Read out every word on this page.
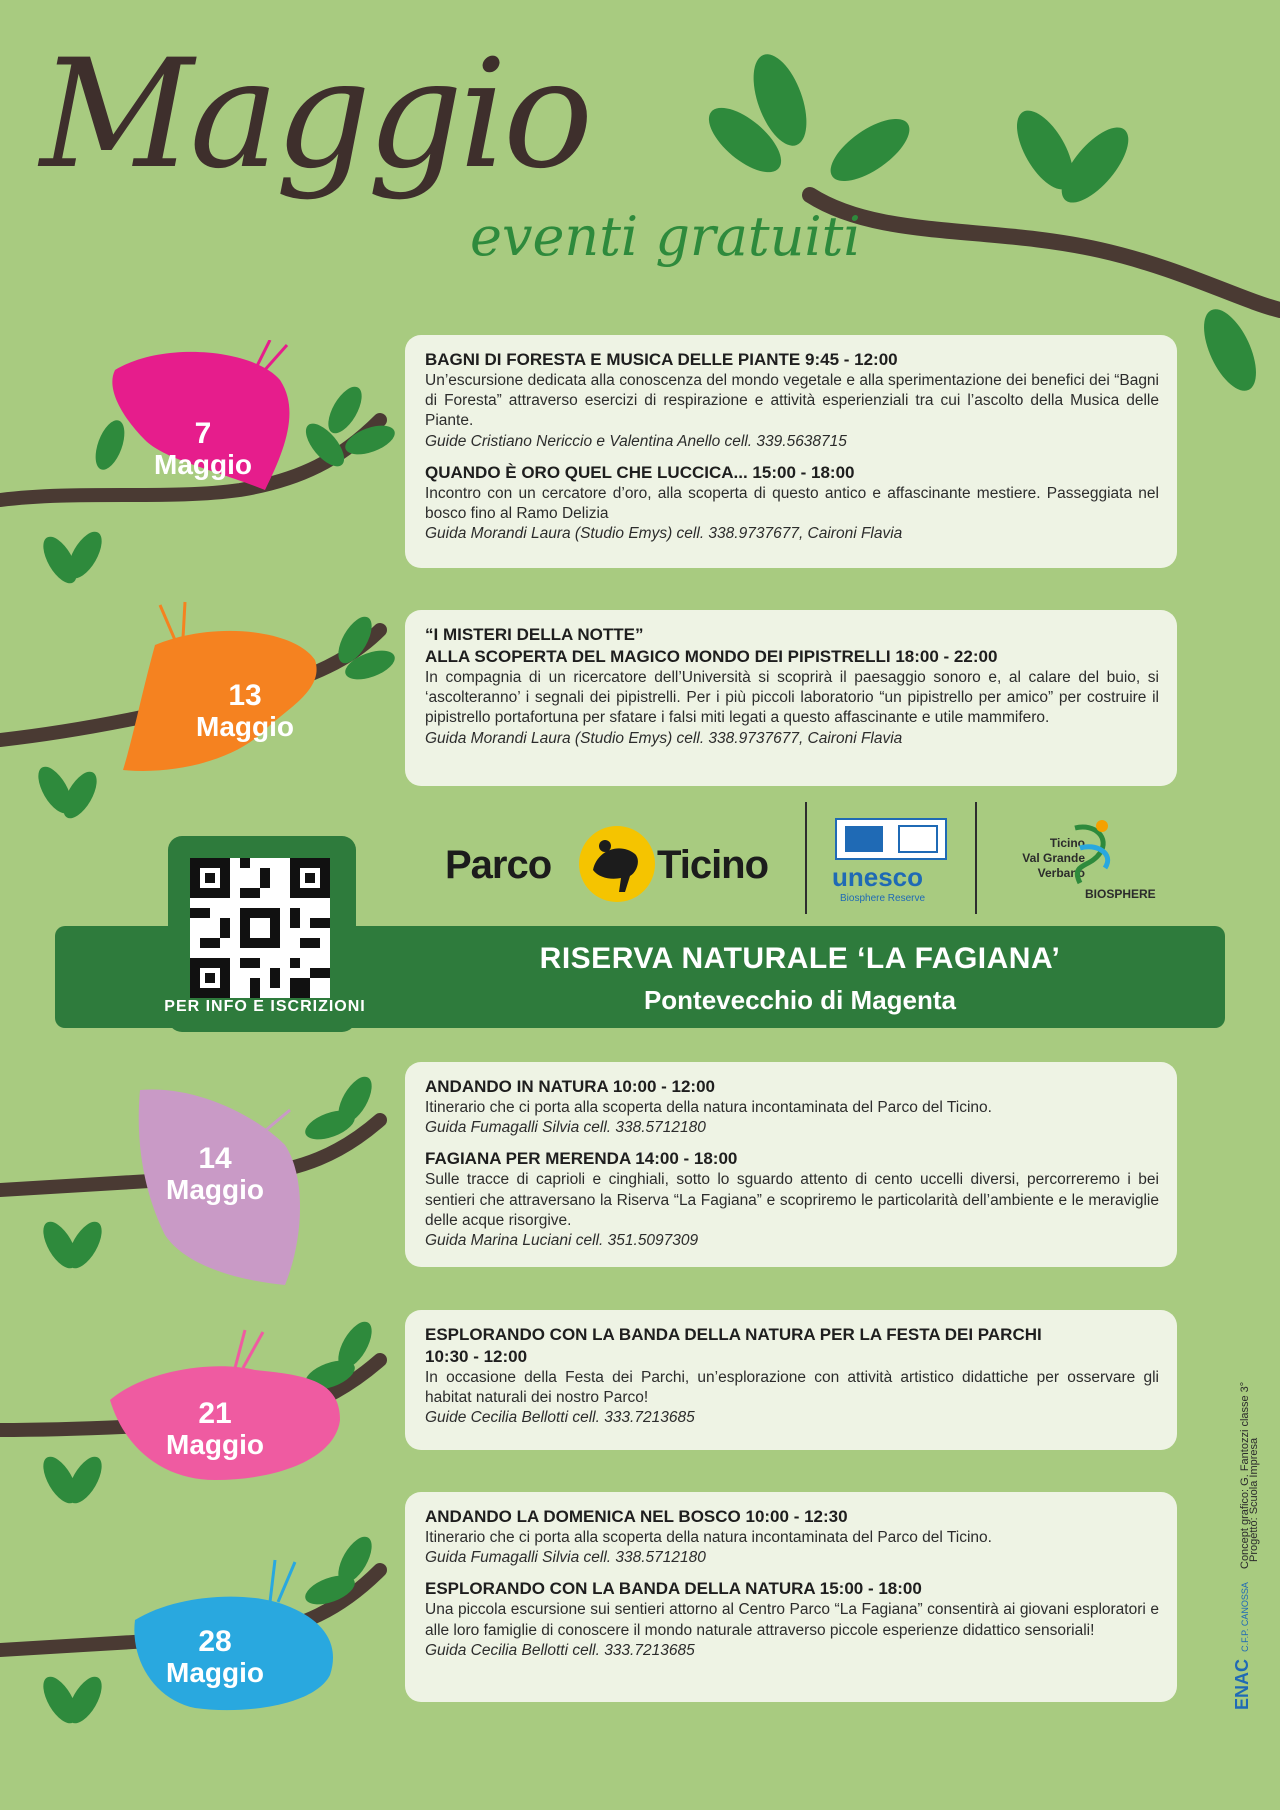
Maggio
eventi gratuiti
7
Maggio
13
Maggio
14
Maggio
21
Maggio
28
Maggio
BAGNI DI FORESTA E MUSICA DELLE PIANTE 9:45 - 12:00
Un’escursione dedicata alla conoscenza del mondo vegetale e alla sperimentazione dei benefici dei “Bagni di Foresta” attraverso esercizi di respirazione e attività esperienziali tra cui l’ascolto della Musica delle Piante.
Guide Cristiano Nericcio e Valentina Anello cell. 339.5638715
QUANDO È ORO QUEL CHE LUCCICA... 15:00 - 18:00
Incontro con un cercatore d’oro, alla scoperta di questo antico e affascinante mestiere. Passeggiata nel bosco fino al Ramo Delizia
Guida Morandi Laura (Studio Emys) cell. 338.9737677, Caironi Flavia
“I MISTERI DELLA NOTTE”
ALLA SCOPERTA DEL MAGICO MONDO DEI PIPISTRELLI 18:00 - 22:00
In compagnia di un ricercatore dell’Università si scoprirà il paesaggio sonoro e, al calare del buio, si ‘ascolteranno’ i segnali dei pipistrelli. Per i più piccoli laboratorio “un pipistrello per amico” per costruire il pipistrello portafortuna per sfatare i falsi miti legati a questo affascinante e utile mammifero.
Guida Morandi Laura (Studio Emys) cell. 338.9737677, Caironi Flavia
Parco	Ticino unesco
Biosphere Reserve
Ticino
Val Grande
Verbano
BIOSPHERE
PER INFO E ISCRIZIONI
RISERVA NATURALE ‘LA FAGIANA’
Pontevecchio di Magenta
ANDANDO IN NATURA 10:00 - 12:00
Itinerario che ci porta alla scoperta della natura incontaminata del Parco del Ticino.
Guida Fumagalli Silvia cell. 338.5712180
FAGIANA PER MERENDA 14:00 - 18:00
Sulle tracce di caprioli e cinghiali, sotto lo sguardo attento di cento uccelli diversi, percorreremo i bei sentieri che attraversano la Riserva “La Fagiana” e scopriremo le particolarità dell’ambiente e le meraviglie delle acque risorgive.
Guida Marina Luciani cell. 351.5097309
ESPLORANDO CON LA BANDA DELLA NATURA PER LA FESTA DEI PARCHI
10:30 - 12:00
In occasione della Festa dei Parchi, un’esplorazione con attività artistico didattiche per osservare gli habitat naturali dei nostro Parco!
Guide Cecilia Bellotti cell. 333.7213685
ANDANDO LA DOMENICA NEL BOSCO 10:00 - 12:30
Itinerario che ci porta alla scoperta della natura incontaminata del Parco del Ticino.
Guida Fumagalli Silvia cell. 338.5712180
ESPLORANDO CON LA BANDA DELLA NATURA 15:00 - 18:00
Una piccola escursione sui sentieri attorno al Centro Parco “La Fagiana” consentirà ai giovani esploratori e alle loro famiglie di conoscere il mondo naturale attraverso piccole esperienze didattico sensoriali!
Guida Cecilia Bellotti cell. 333.7213685
ENAC C.F.P. CANOSSA Concept grafico: G. Fantozzi classe 3°
Progetto: Scuola Impresa
